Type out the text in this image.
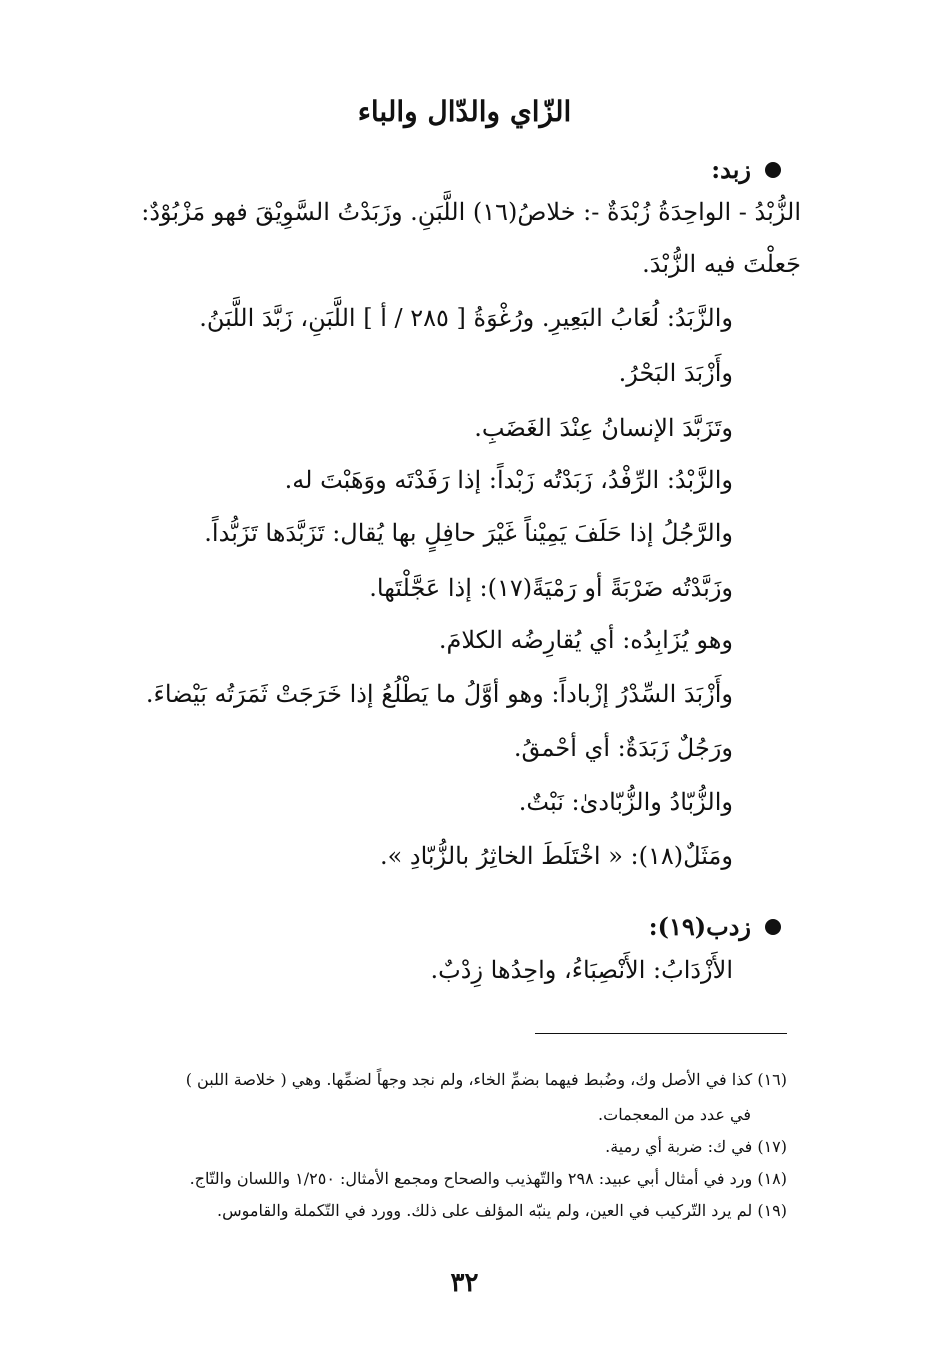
الزّاي والدّال والباء
زبد:
الزُّبْدُ - الواحِدَةُ زُبْدَةٌ -: خلاصُ(١٦) اللَّبَنِ. وزَبَدْتُ السَّوِيْقَ فهو مَزْبُوْدٌ:
جَعلْتَ فيه الزُّبْدَ.
والزَّبَدُ: لُعَابُ البَعِيرِ. ورُغْوَةُ [ ٢٨٥ / أ ] اللَّبَنِ، زَبَّدَ اللَّبَنُ.
وأَزْبَدَ البَحْرُ.
وتَزَبَّدَ الإنسانُ عِنْدَ الغَضَبِ.
والزَّبْدُ: الرِّفْدُ، زَبَدْتُه زَبْداً: إذا رَفَدْتَه ووَهَبْتَ له.
والرَّجُلُ إذا حَلَفَ يَمِيْناً غَيْرَ حافِلٍ بها يُقال: تَزَبَّدَها تَزَبُّداً.
وزَبَّدْتُه ضَرْبَةً أو رَمْيَةً(١٧): إذا عَجَّلْتَها.
وهو يُزَابِدُه: أي يُقارِضُه الكلامَ.
وأَزْبَدَ السِّدْرُ إزْباداً: وهو أوَّلُ ما يَطْلُعُ إذا خَرَجَتْ ثَمَرَتُه بَيْضاءَ.
ورَجُلٌ زَبَدَةٌ: أي أحْمقُ.
والزُّبّادُ والزُّبّادىٰ: نَبْتٌ.
ومَثَلٌ(١٨): « اخْتَلَطَ الخاثِرُ بالزُّبّادِ ».
زدب(١٩):
الأَزْدَابُ: الأَنْصِبَاءُ، واحِدُها زِدْبٌ.
(١٦) كذا في الأصل وك، وضُبط فيهما بضمِّ الخاء، ولم نجد وجهاً لضمِّها. وهي ( خلاصة اللبن )
في عدد من المعجمات.
(١٧) في ك: ضربة أي رمية.
(١٨) ورد في أمثال أبي عبيد: ٢٩٨ والتّهذيب والصحاح ومجمع الأمثال: ١/٢٥٠ واللسان والتّاج.
(١٩) لم يرد التّركيب في العين، ولم ينبّه المؤلف على ذلك. وورد في التّكملة والقاموس.
٣٢
